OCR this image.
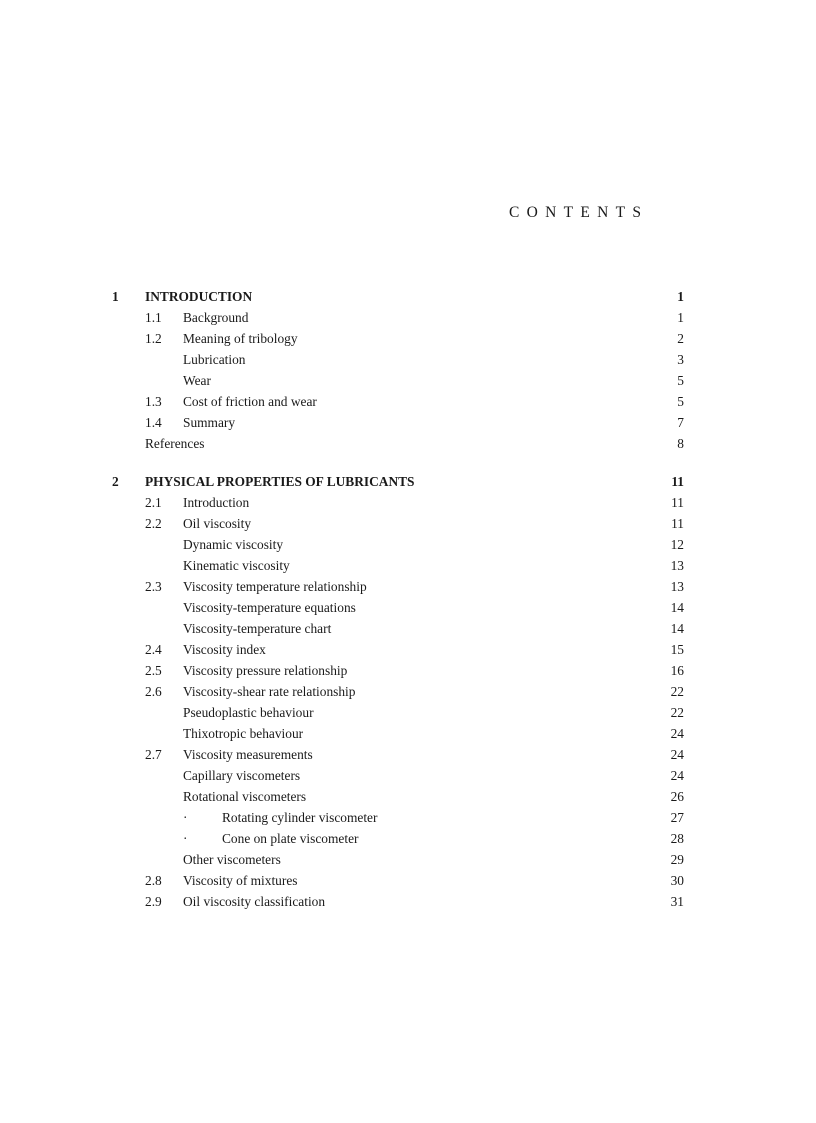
CONTENTS
1 INTRODUCTION	1
1.1 Background	1
1.2 Meaning of tribology	2
Lubrication	3
Wear	5
1.3 Cost of friction and wear	5
1.4 Summary	7
References	8
2 PHYSICAL PROPERTIES OF LUBRICANTS	11
2.1 Introduction	11
2.2 Oil viscosity	11
Dynamic viscosity	12
Kinematic viscosity	13
2.3 Viscosity temperature relationship	13
Viscosity-temperature equations	14
Viscosity-temperature chart	14
2.4 Viscosity index	15
2.5 Viscosity pressure relationship	16
2.6 Viscosity-shear rate relationship	22
Pseudoplastic behaviour	22
Thixotropic behaviour	24
2.7 Viscosity measurements	24
Capillary viscometers	24
Rotational viscometers	26
·	Rotating cylinder viscometer	27
·	Cone on plate viscometer	28
Other viscometers	29
2.8 Viscosity of mixtures	30
2.9 Oil viscosity classification	31
